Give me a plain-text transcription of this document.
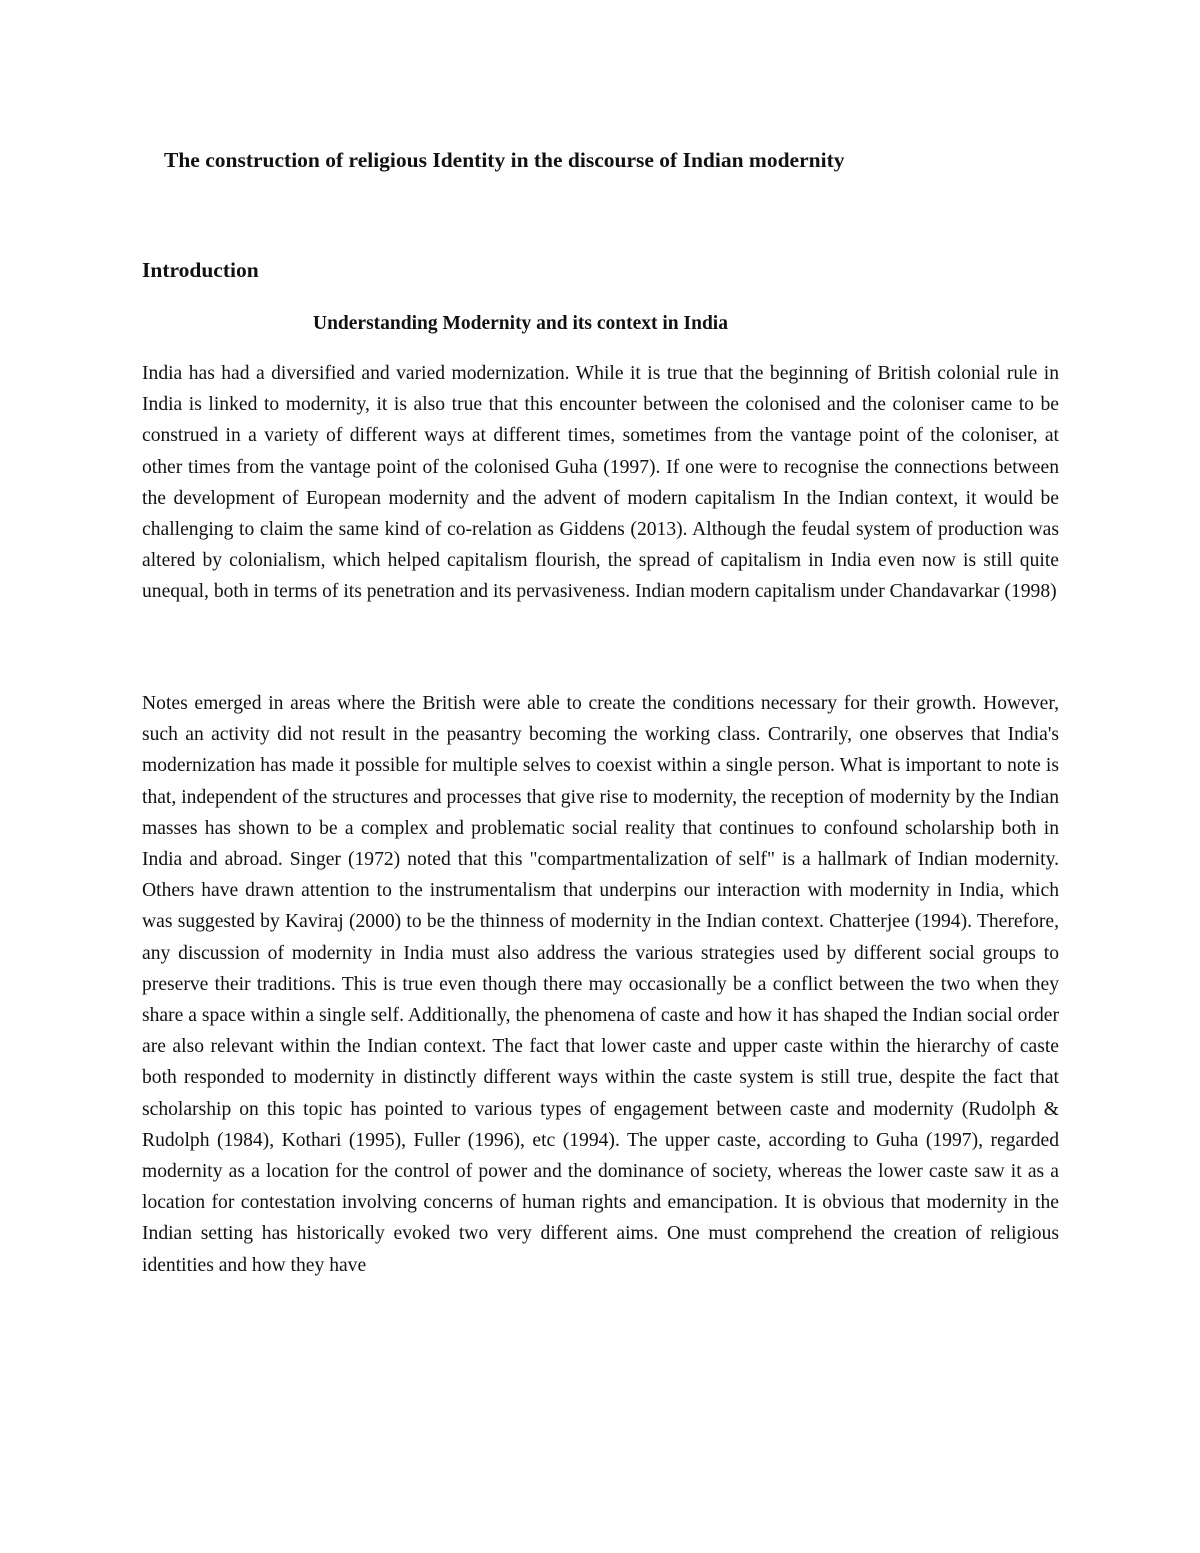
The construction of religious Identity in the discourse of Indian modernity
Introduction
Understanding Modernity and its context in India

India has had a diversified and varied modernization. While it is true that the beginning of British colonial rule in India is linked to modernity, it is also true that this encounter between the colonised and the coloniser came to be construed in a variety of different ways at different times, sometimes from the vantage point of the coloniser, at other times from the vantage point of the colonised Guha (1997). If one were to recognise the connections between the development of European modernity and the advent of modern capitalism In the Indian context, it would be challenging to claim the same kind of co-relation as Giddens (2013). Although the feudal system of production was altered by colonialism, which helped capitalism flourish, the spread of capitalism in India even now is still quite unequal, both in terms of its penetration and its pervasiveness. Indian modern capitalism under Chandavarkar (1998)

Notes emerged in areas where the British were able to create the conditions necessary for their growth. However, such an activity did not result in the peasantry becoming the working class. Contrarily, one observes that India's modernization has made it possible for multiple selves to coexist within a single person. What is important to note is that, independent of the structures and processes that give rise to modernity, the reception of modernity by the Indian masses has shown to be a complex and problematic social reality that continues to confound scholarship both in India and abroad. Singer (1972) noted that this "compartmentalization of self" is a hallmark of Indian modernity. Others have drawn attention to the instrumentalism that underpins our interaction with modernity in India, which was suggested by Kaviraj (2000) to be the thinness of modernity in the Indian context. Chatterjee (1994). Therefore, any discussion of modernity in India must also address the various strategies used by different social groups to preserve their traditions. This is true even though there may occasionally be a conflict between the two when they share a space within a single self. Additionally, the phenomena of caste and how it has shaped the Indian social order are also relevant within the Indian context. The fact that lower caste and upper caste within the hierarchy of caste both responded to modernity in distinctly different ways within the caste system is still true, despite the fact that scholarship on this topic has pointed to various types of engagement between caste and modernity (Rudolph & Rudolph (1984), Kothari (1995), Fuller (1996), etc (1994). The upper caste, according to Guha (1997), regarded modernity as a location for the control of power and the dominance of society, whereas the lower caste saw it as a location for contestation involving concerns of human rights and emancipation. It is obvious that modernity in the Indian setting has historically evoked two very different aims. One must comprehend the creation of religious identities and how they have
